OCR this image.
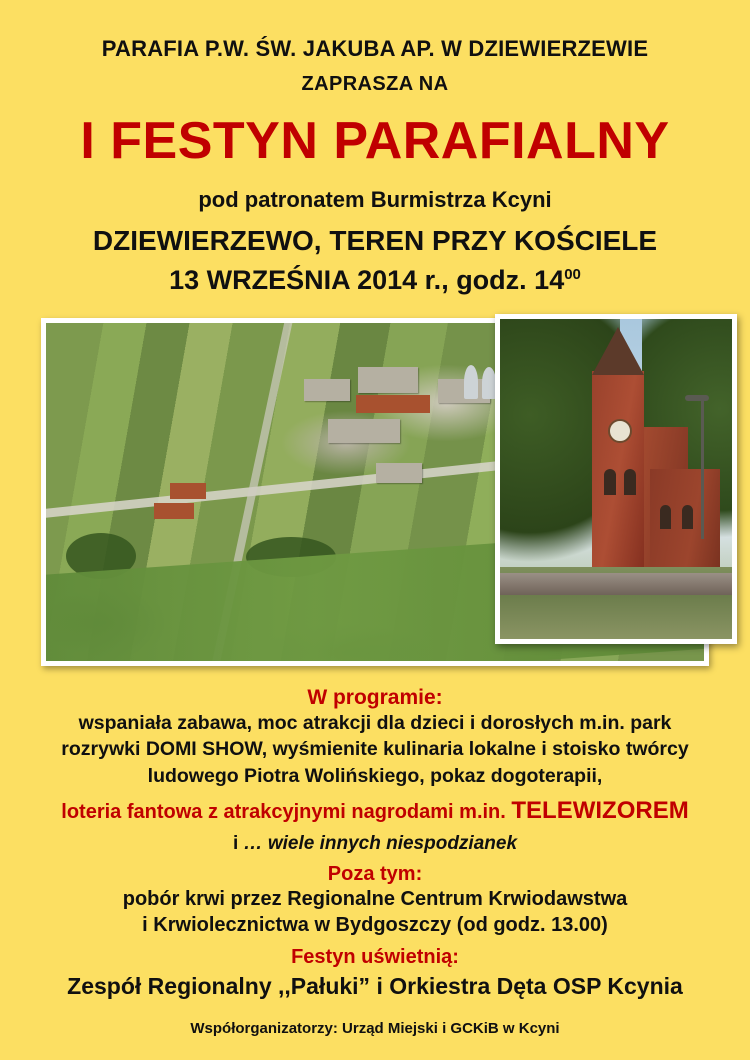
PARAFIA P.W. ŚW. JAKUBA AP. W DZIEWIERZEWIE
ZAPRASZA NA
I FESTYN PARAFIALNY
pod patronatem Burmistrza Kcyni
DZIEWIERZEWO, TEREN PRZY KOŚCIELE
13 WRZEŚNIA 2014 r., godz. $14^{00}$
W programie:
wspaniała zabawa, moc atrakcji dla dzieci i dorosłych m.in. park
rozrywki DOMI SHOW, wyśmienite kulinaria lokalne i stoisko twórcy
ludowego Piotra Wolińskiego, pokaz dogoterapii,
loteria fantowa z atrakcyjnymi nagrodami m.in. TELEWIZOREM
i … wiele innych niespodzianek
Poza tym:
pobór krwi przez Regionalne Centrum Krwiodawstwa
i Krwiolecznictwa w Bydgoszczy (od godz. 13.00)
Festyn uświetnią:
Zespół Regionalny ,,Pałuki” i Orkiestra Dęta OSP Kcynia
Współorganizatorzy: Urząd Miejski i GCKiB w Kcyni
